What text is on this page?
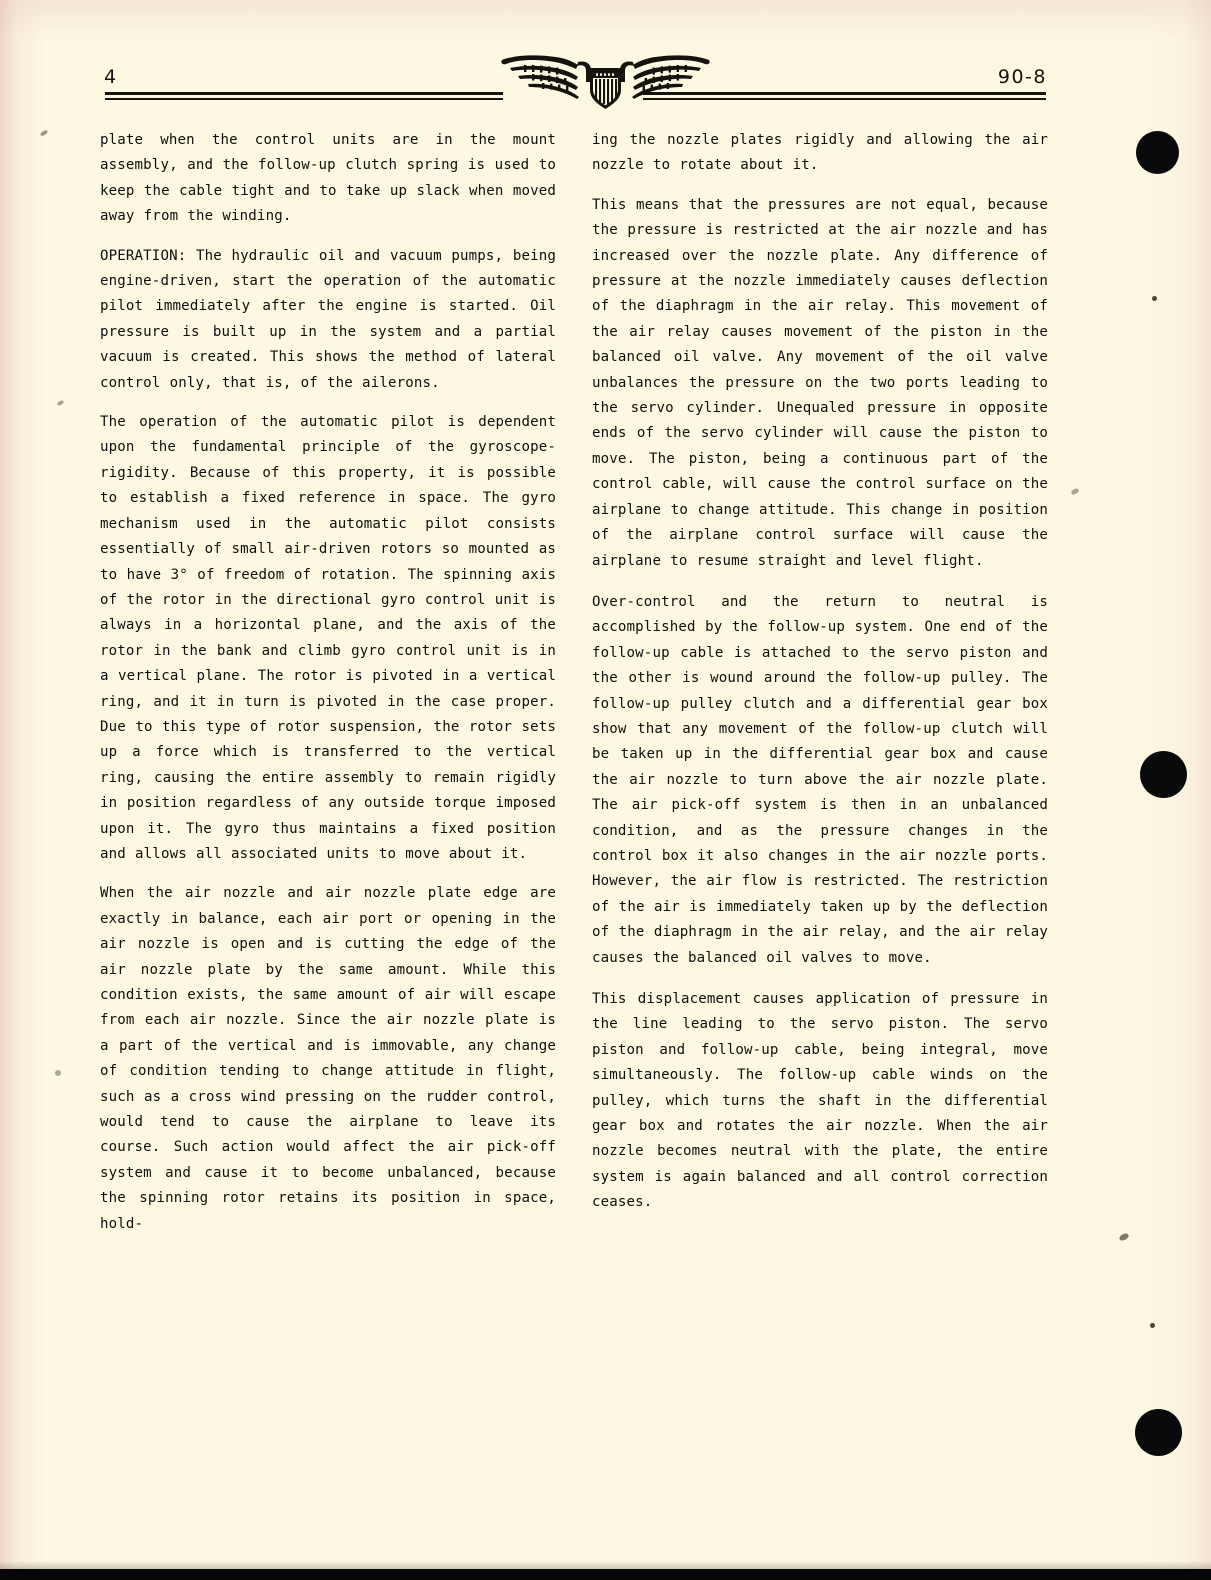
4	90-8

plate when the control units are in the mount assembly, and the follow-up clutch spring is used to keep the cable tight and to take up slack when moved away from the winding.

OPERATION: The hydraulic oil and vacuum pumps, being engine-driven, start the operation of the automatic pilot immediately after the engine is started. Oil pressure is built up in the system and a partial vacuum is created. This shows the method of lateral control only, that is, of the ailerons.

The operation of the automatic pilot is dependent upon the fundamental principle of the gyroscope-rigidity. Because of this property, it is possible to establish a fixed reference in space. The gyro mechanism used in the automatic pilot consists essentially of small air-driven rotors so mounted as to have 3° of freedom of rotation. The spinning axis of the rotor in the directional gyro control unit is always in a horizontal plane, and the axis of the rotor in the bank and climb gyro control unit is in a vertical plane. The rotor is pivoted in a vertical ring, and it in turn is pivoted in the case proper. Due to this type of rotor suspension, the rotor sets up a force which is transferred to the vertical ring, causing the entire assembly to remain rigidly in position regardless of any outside torque imposed upon it. The gyro thus maintains a fixed position and allows all associated units to move about it.

When the air nozzle and air nozzle plate edge are exactly in balance, each air port or opening in the air nozzle is open and is cutting the edge of the air nozzle plate by the same amount. While this condition exists, the same amount of air will escape from each air nozzle. Since the air nozzle plate is a part of the vertical and is immovable, any change of condition tending to change attitude in flight, such as a cross wind pressing on the rudder control, would tend to cause the airplane to leave its course. Such action would affect the air pick-off system and cause it to become unbalanced, because the spinning rotor retains its position in space, hold-

ing the nozzle plates rigidly and allowing the air nozzle to rotate about it.

This means that the pressures are not equal, because the pressure is restricted at the air nozzle and has increased over the nozzle plate. Any difference of pressure at the nozzle immediately causes deflection of the diaphragm in the air relay. This movement of the air relay causes movement of the piston in the balanced oil valve. Any movement of the oil valve unbalances the pressure on the two ports leading to the servo cylinder. Unequaled pressure in opposite ends of the servo cylinder will cause the piston to move. The piston, being a continuous part of the control cable, will cause the control surface on the airplane to change attitude. This change in position of the airplane control surface will cause the airplane to resume straight and level flight.

Over-control and the return to neutral is accomplished by the follow-up system. One end of the follow-up cable is attached to the servo piston and the other is wound around the follow-up pulley. The follow-up pulley clutch and a differential gear box show that any movement of the follow-up clutch will be taken up in the differential gear box and cause the air nozzle to turn above the air nozzle plate. The air pick-off system is then in an unbalanced condition, and as the pressure changes in the control box it also changes in the air nozzle ports. However, the air flow is restricted. The restriction of the air is immediately taken up by the deflection of the diaphragm in the air relay, and the air relay causes the balanced oil valves to move.

This displacement causes application of pressure in the line leading to the servo piston. The servo piston and follow-up cable, being integral, move simultaneously. The follow-up cable winds on the pulley, which turns the shaft in the differential gear box and rotates the air nozzle. When the air nozzle becomes neutral with the plate, the entire system is again balanced and all control correction ceases.
